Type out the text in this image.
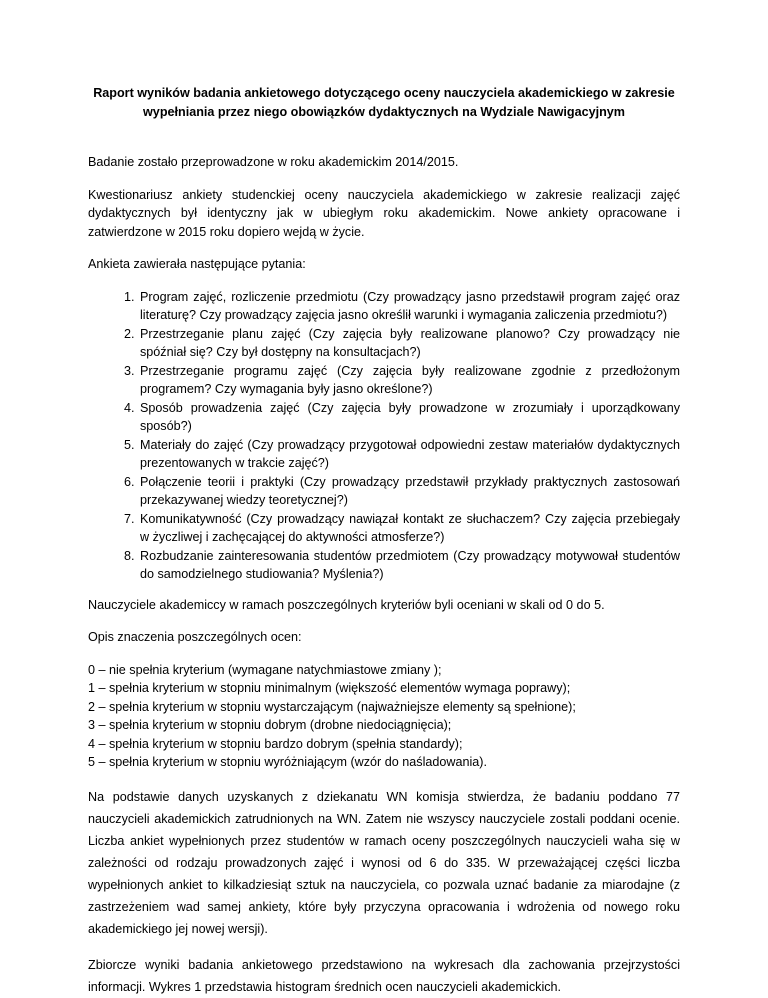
Raport wyników badania ankietowego dotyczącego oceny nauczyciela akademickiego w zakresie
wypełniania przez niego obowiązków dydaktycznych na Wydziale Nawigacyjnym

Badanie zostało przeprowadzone w roku akademickim 2014/2015.

Kwestionariusz ankiety studenckiej oceny nauczyciela akademickiego w zakresie realizacji zajęć dydaktycznych był identyczny jak w ubiegłym roku akademickim. Nowe ankiety opracowane i zatwierdzone w 2015 roku dopiero wejdą w życie.

Ankieta zawierała następujące pytania:

1. Program zajęć, rozliczenie przedmiotu (Czy prowadzący jasno przedstawił program zajęć oraz literaturę? Czy prowadzący zajęcia jasno określił warunki i wymagania zaliczenia przedmiotu?)
2. Przestrzeganie planu zajęć (Czy zajęcia były realizowane planowo? Czy prowadzący nie spóźniał się? Czy był dostępny na konsultacjach?)
3. Przestrzeganie programu zajęć (Czy zajęcia były realizowane zgodnie z przedłożonym programem? Czy wymagania były jasno określone?)
4. Sposób prowadzenia zajęć (Czy zajęcia były prowadzone w zrozumiały i uporządkowany sposób?)
5. Materiały do zajęć (Czy prowadzący przygotował odpowiedni zestaw materiałów dydaktycznych prezentowanych w trakcie zajęć?)
6. Połączenie teorii i praktyki (Czy prowadzący przedstawił przykłady praktycznych zastosowań przekazywanej wiedzy teoretycznej?)
7. Komunikatywność (Czy prowadzący nawiązał kontakt ze słuchaczem? Czy zajęcia przebiegały w życzliwej i zachęcającej do aktywności atmosferze?)
8. Rozbudzanie zainteresowania studentów przedmiotem (Czy prowadzący motywował studentów do samodzielnego studiowania? Myślenia?)

Nauczyciele akademiccy w ramach poszczególnych kryteriów byli oceniani w skali od 0 do 5.

Opis znaczenia poszczególnych ocen:

0 – nie spełnia kryterium (wymagane natychmiastowe zmiany );
1 – spełnia kryterium w stopniu minimalnym (większość elementów wymaga poprawy);
2 – spełnia kryterium w stopniu wystarczającym (najważniejsze elementy są spełnione);
3 – spełnia kryterium w stopniu dobrym (drobne niedociągnięcia);
4 – spełnia kryterium w stopniu bardzo dobrym (spełnia standardy);
5 – spełnia kryterium w stopniu wyróżniającym (wzór do naśladowania).

Na podstawie danych uzyskanych z dziekanatu WN komisja stwierdza, że badaniu poddano 77 nauczycieli akademickich zatrudnionych na WN. Zatem nie wszyscy nauczyciele zostali poddani ocenie. Liczba ankiet wypełnionych przez studentów w ramach oceny poszczególnych nauczycieli waha się w zależności od rodzaju prowadzonych zajęć i wynosi od 6 do 335. W przeważającej części liczba wypełnionych ankiet to kilkadziesiąt sztuk na nauczyciela, co pozwala uznać badanie za miarodajne (z zastrzeżeniem wad samej ankiety, które były przyczyna opracowania i wdrożenia od nowego roku akademickiego jej nowej wersji).

Zbiorcze wyniki badania ankietowego przedstawiono na wykresach dla zachowania przejrzystości informacji. Wykres 1 przedstawia histogram średnich ocen nauczycieli akademickich.
